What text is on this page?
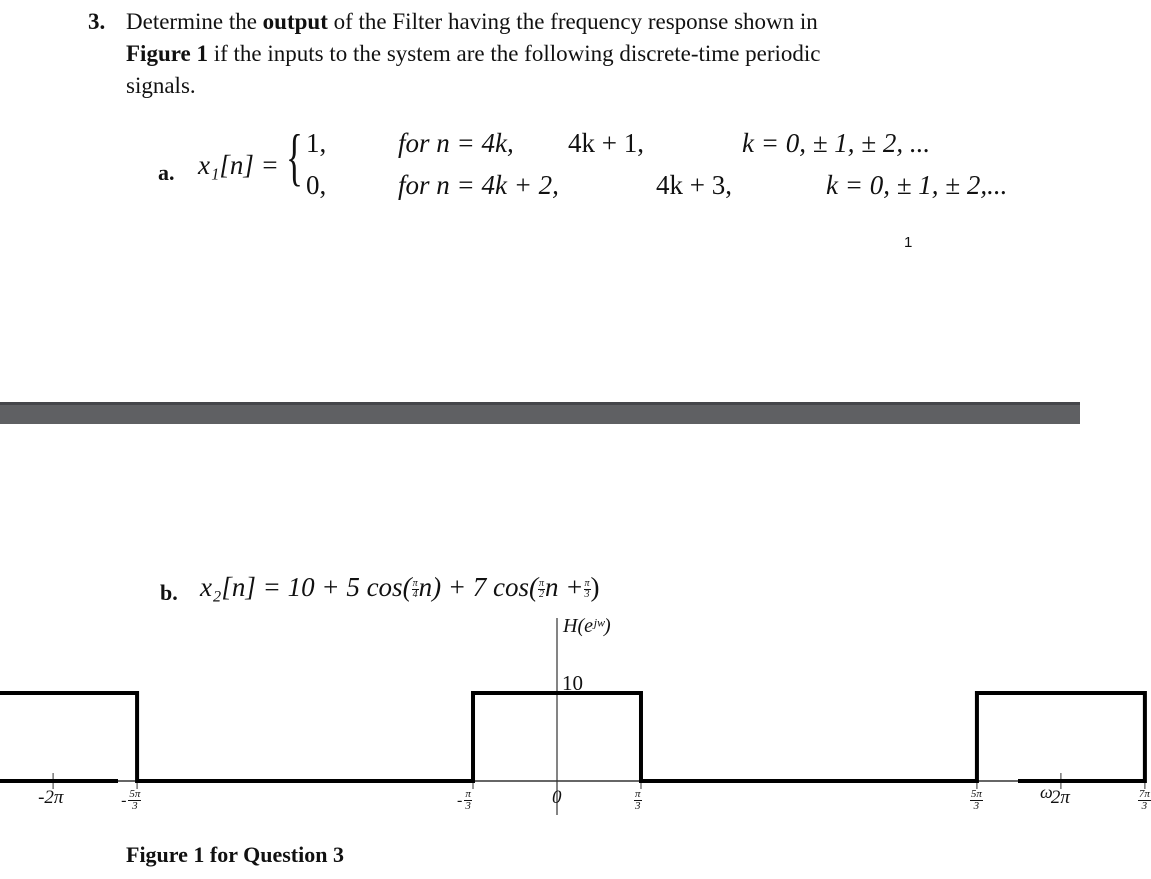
3. Determine the output of the Filter having the frequency response shown in
Figure 1 if the inputs to the system are the following discrete-time periodic
signals.
a. x₁[n] = { 1,
0,
for n = 4k, 4k + 1,	k = 0, ± 1, ± 2, ...
for n = 4k + 2,	4k + 3,	k = 0, ± 1, ± 2,...
1
b. x₂[n] = 10 + 5 $\cos( \frac{\pi}{4} n) + 7$ $\cos( \frac{\pi}{2}$ $n + \frac{\pi}{3}$ )
H(eʲʷ)
10
ω
-2π	- $\frac{5\pi}{3}$	- $\frac{\pi}{3}$	0	$\frac{\pi}{3}$	$\frac{5\pi}{3}$	2π	$\frac{7\pi}{3}$
Figure 1 for Question 3
